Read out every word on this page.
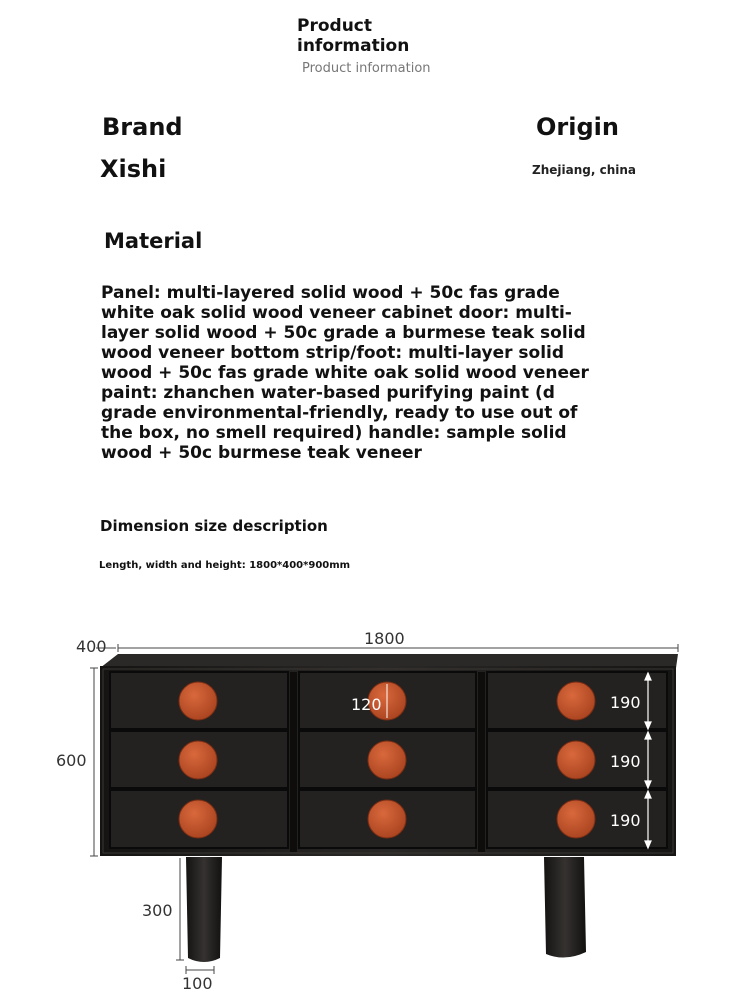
Product information
Product information
Brand
Xishi
Origin
Zhejiang, china
Material
Panel: multi-layered solid wood + 50c fas grade white oak solid wood veneer cabinet door: multi-layer solid wood + 50c grade a burmese teak solid wood veneer bottom strip/foot: multi-layer solid wood + 50c fas grade white oak solid wood veneer paint: zhanchen water-based purifying paint (d grade environmental-friendly, ready to use out of the box, no smell required) handle: sample solid wood + 50c burmese teak veneer
Dimension size description
Length, width and height: 1800*400*900mm
400	1800
600
120	190
190
190
300
100
